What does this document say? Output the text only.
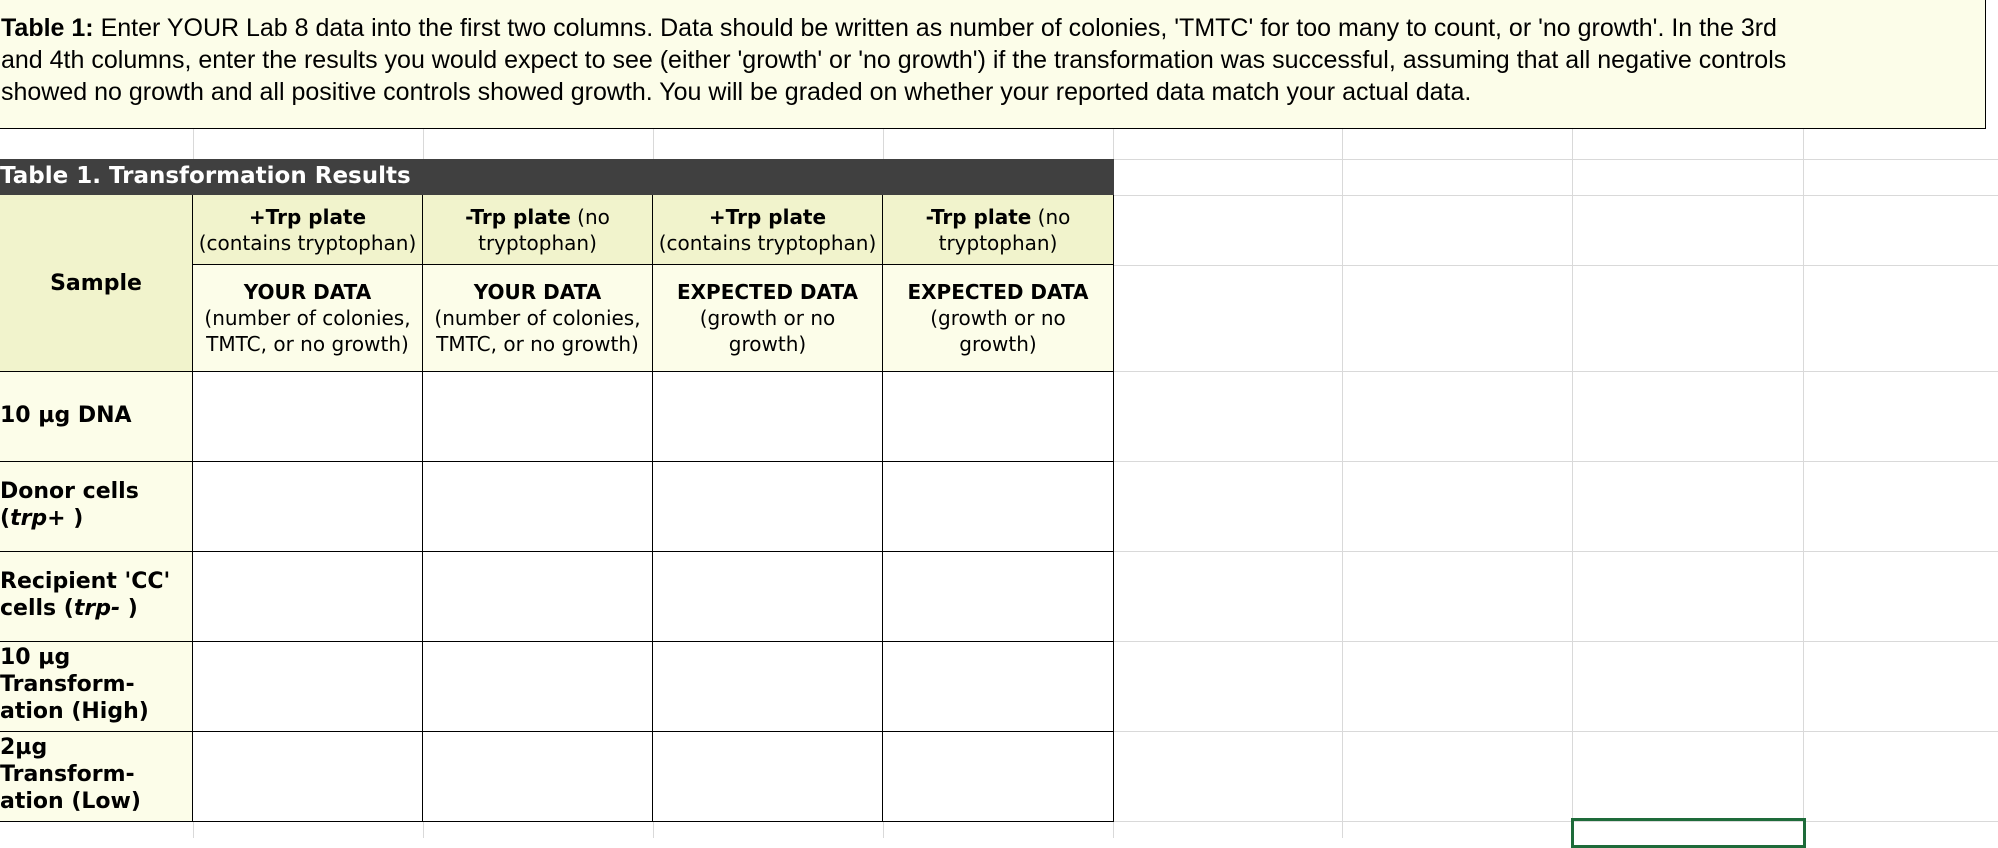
Table 1: Enter YOUR Lab 8 data into the first two columns. Data should be written as number of colonies, 'TMTC' for too many to count, or 'no growth'. In the 3rd
and 4th columns, enter the results you would expect to see (either 'growth' or 'no growth') if the transformation was successful, assuming that all negative controls
showed no growth and all positive controls showed growth. You will be graded on whether your reported data match your actual data.
Table 1. Transformation Results
Sample
+Trp plate
(contains tryptophan)
-Trp plate (no
tryptophan)
+Trp plate
(contains tryptophan)
-Trp plate (no
tryptophan)
YOUR DATA
(number of colonies,
TMTC, or no growth)
YOUR DATA
(number of colonies,
TMTC, or no growth)
EXPECTED DATA
(growth or no
growth)
EXPECTED DATA
(growth or no
growth)
10 µg DNA
Donor cells
(trp+ )
Recipient 'CC'
cells (trp- )
10 µg
Transform-
ation (High)
2µg
Transform-
ation (Low)
